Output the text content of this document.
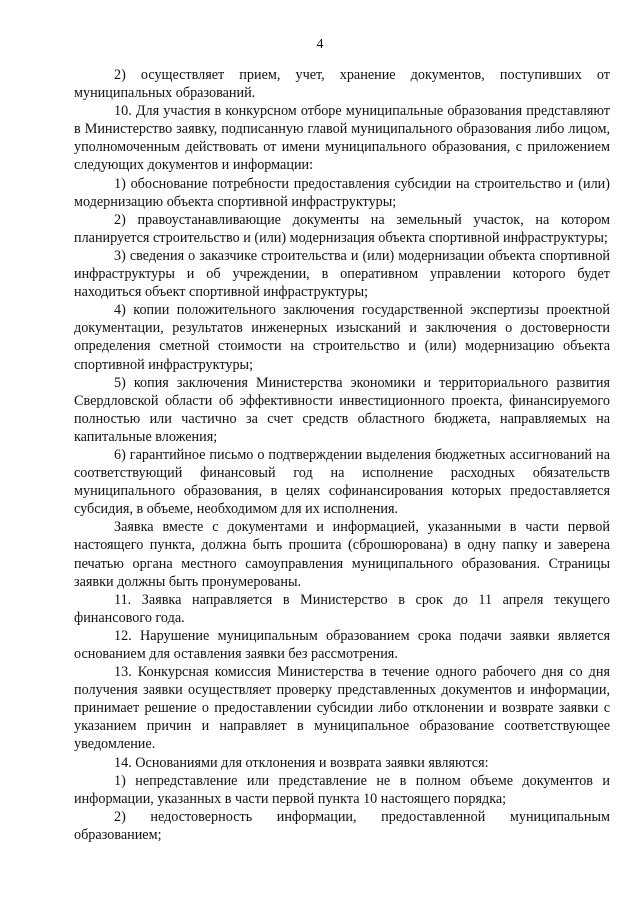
4

2) осуществляет прием, учет, хранение документов, поступивших от муниципальных образований.

10. Для участия в конкурсном отборе муниципальные образования представляют в Министерство заявку, подписанную главой муниципального образования либо лицом, уполномоченным действовать от имени муниципального образования, с приложением следующих документов и информации:

1) обоснование потребности предоставления субсидии на строительство и (или) модернизацию объекта спортивной инфраструктуры;

2) правоустанавливающие документы на земельный участок, на котором планируется строительство и (или) модернизация объекта спортивной инфраструктуры;

3) сведения о заказчике строительства и (или) модернизации объекта спортивной инфраструктуры и об учреждении, в оперативном управлении которого будет находиться объект спортивной инфраструктуры;

4) копии положительного заключения государственной экспертизы проектной документации, результатов инженерных изысканий и заключения о достоверности определения сметной стоимости на строительство и (или) модернизацию объекта спортивной инфраструктуры;

5) копия заключения Министерства экономики и территориального развития Свердловской области об эффективности инвестиционного проекта, финансируемого полностью или частично за счет средств областного бюджета, направляемых на капитальные вложения;

6) гарантийное письмо о подтверждении выделения бюджетных ассигнований на соответствующий финансовый год на исполнение расходных обязательств муниципального образования, в целях софинансирования которых предоставляется субсидия, в объеме, необходимом для их исполнения.

Заявка вместе с документами и информацией, указанными в части первой настоящего пункта, должна быть прошита (сброшюрована) в одну папку и заверена печатью органа местного самоуправления муниципального образования. Страницы заявки должны быть пронумерованы.

11. Заявка направляется в Министерство в срок до 11 апреля текущего финансового года.

12. Нарушение муниципальным образованием срока подачи заявки является основанием для оставления заявки без рассмотрения.

13. Конкурсная комиссия Министерства в течение одного рабочего дня со дня получения заявки осуществляет проверку представленных документов и информации, принимает решение о предоставлении субсидии либо отклонении и возврате заявки с указанием причин и направляет в муниципальное образование соответствующее уведомление.

14. Основаниями для отклонения и возврата заявки являются:

1) непредставление или представление не в полном объеме документов и информации, указанных в части первой пункта 10 настоящего порядка;

2) недостоверность информации, предоставленной муниципальным образованием;
